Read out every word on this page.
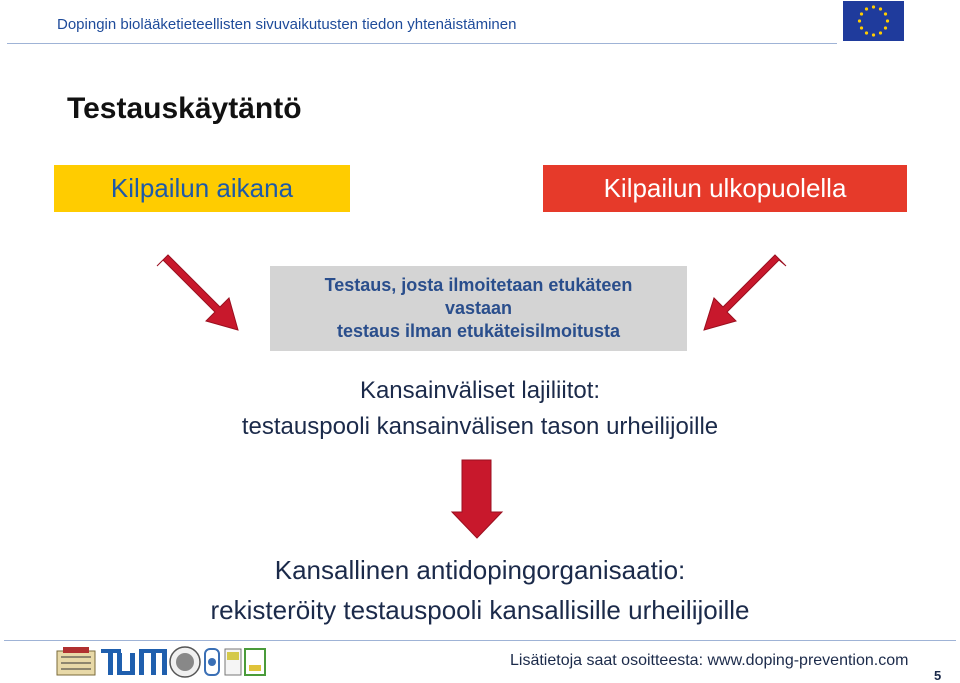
Dopingin biolääketieteellisten sivuvaikutusten tiedon yhtenäistäminen
Testauskäytäntö
Kilpailun aikana	Kilpailun ulkopuolella
Testaus, josta ilmoitetaan etukäteen
vastaan
testaus ilman etukäteisilmoitusta
Kansainväliset lajiliitot:
testauspooli kansainvälisen tason urheilijoille
Kansallinen antidopingorganisaatio:
rekisteröity testauspooli kansallisille urheilijoille
Lisätietoja saat osoitteesta: www.doping-prevention.com
5
